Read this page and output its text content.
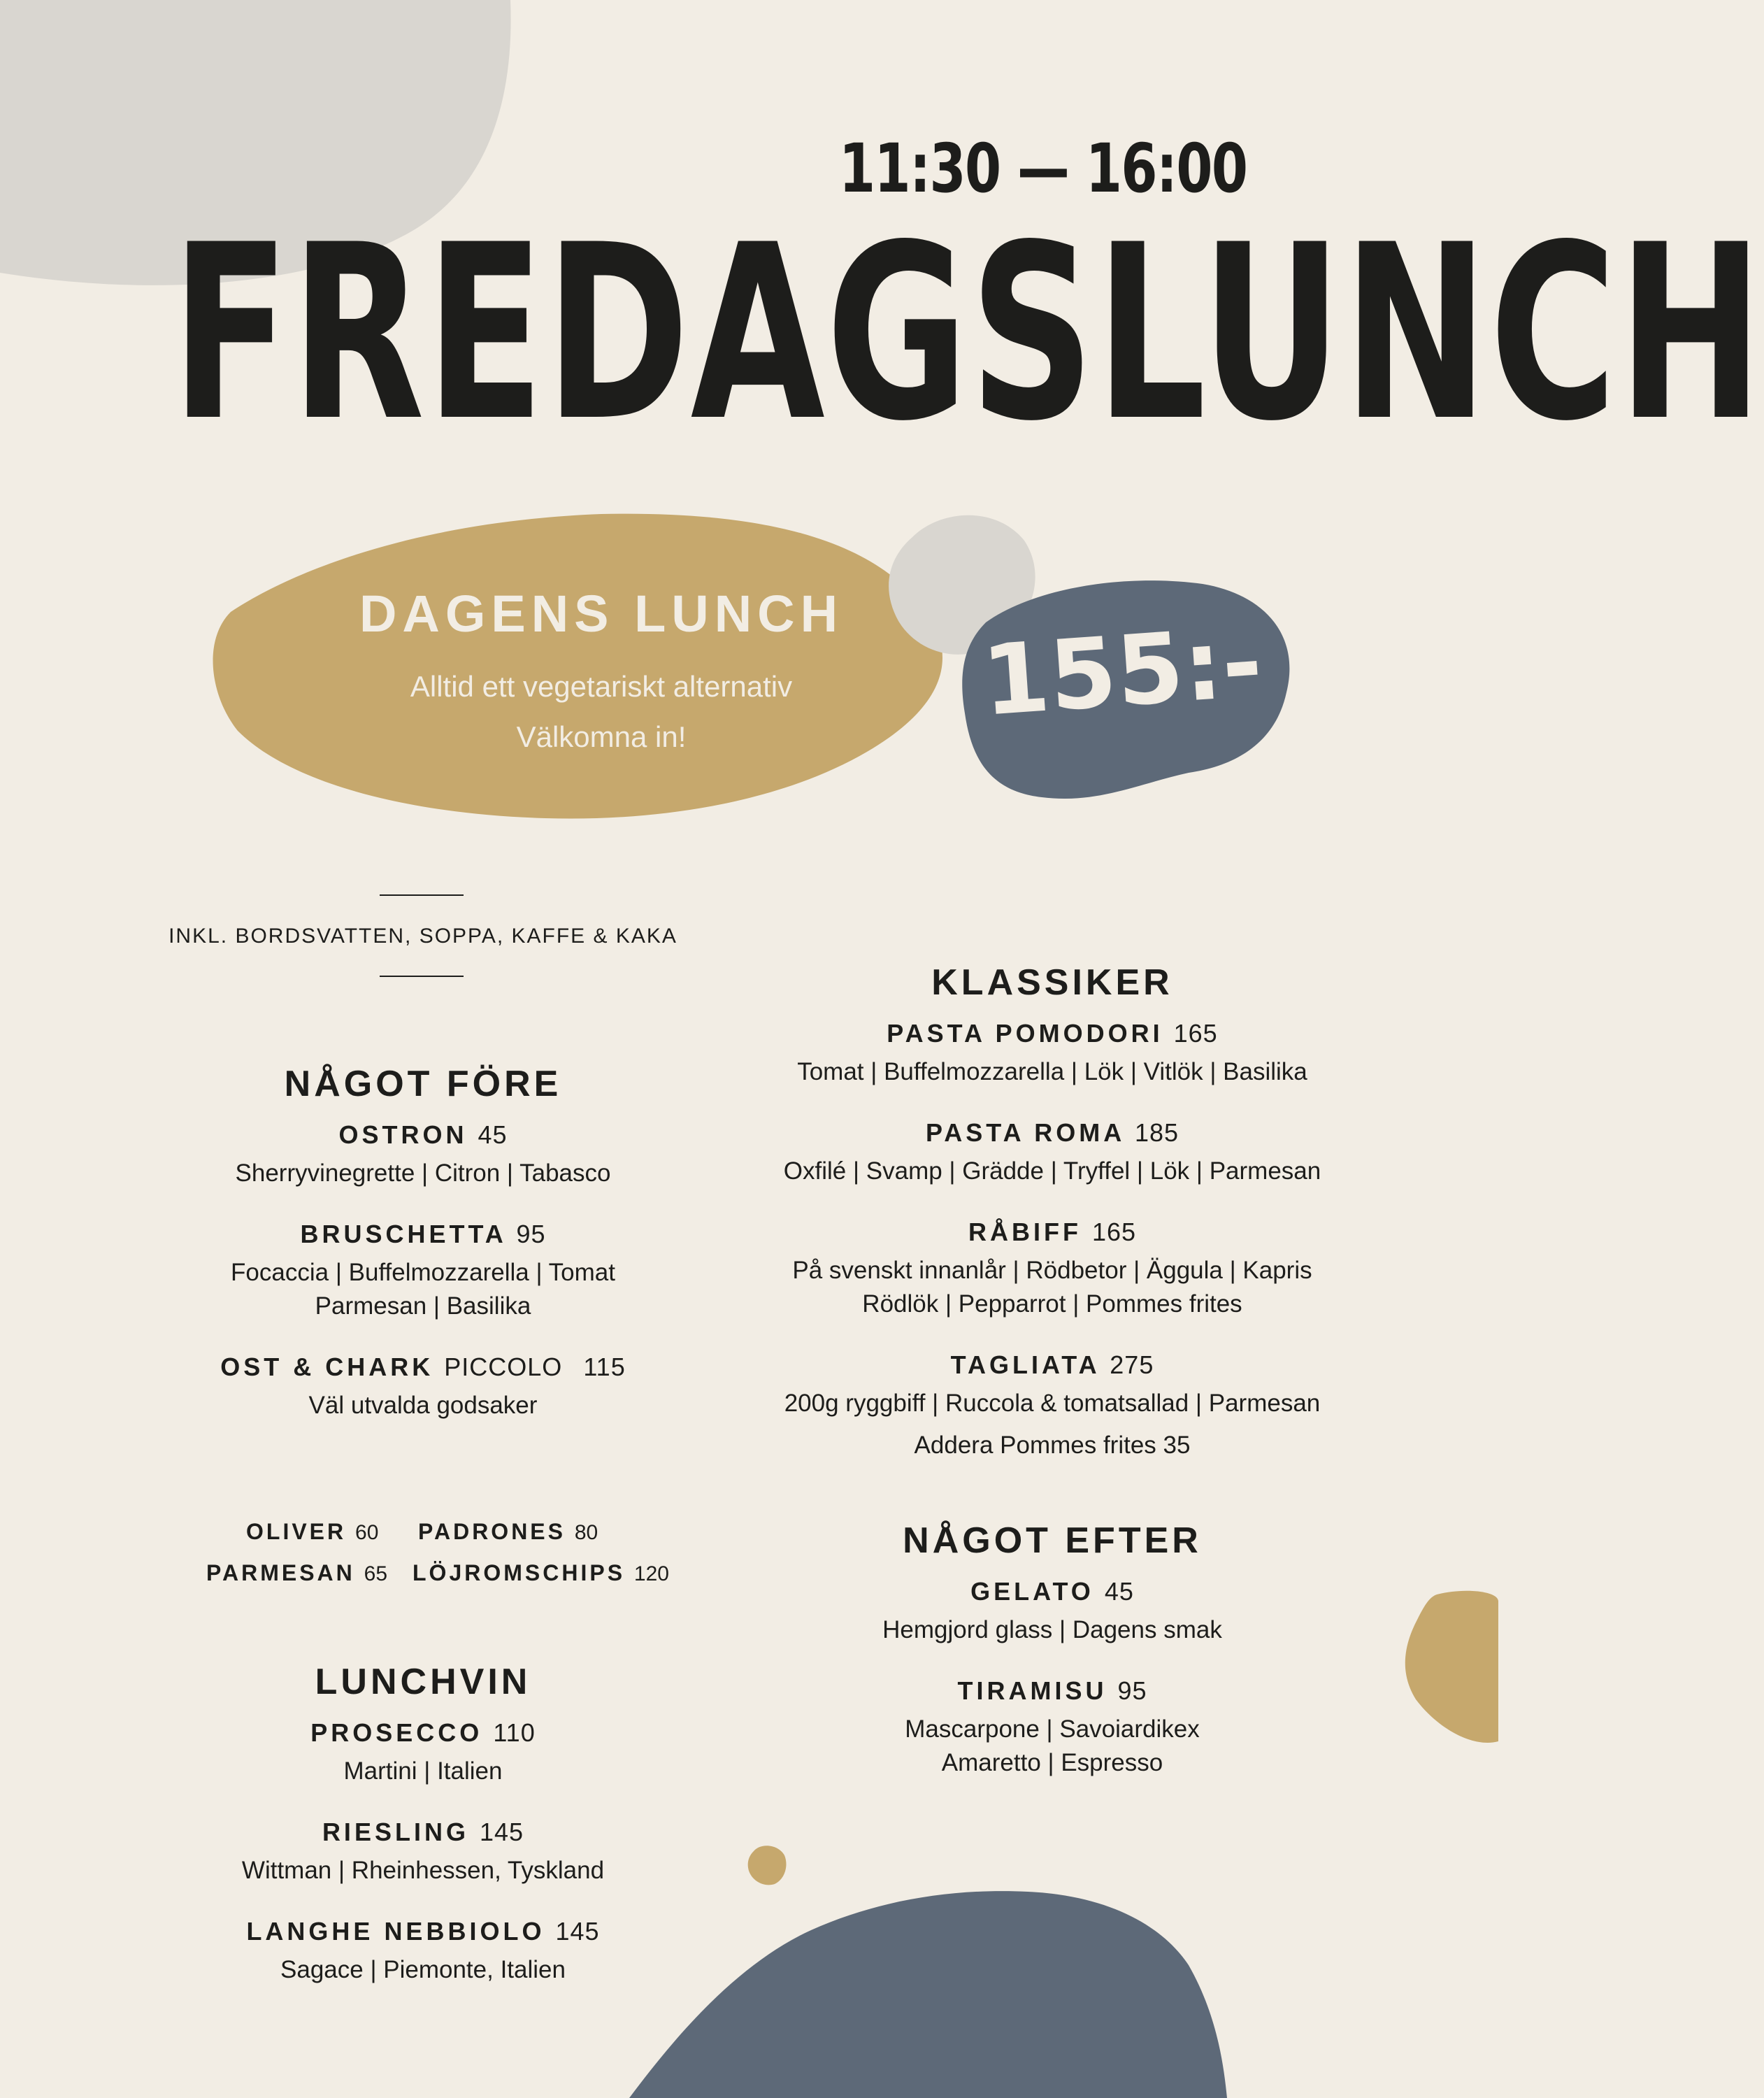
11:30 — 16:00
FREDAGSLUNCH
DAGENS LUNCH
Alltid ett vegetariskt alternativ
Välkomna in!	155:-
INKL. BORDSVATTEN, SOPPA, KAFFE & KAKA

NÅGOT FÖRE

OSTRON 45

Sherryvinegrette | Citron | Tabasco

BRUSCHETTA 95

Focaccia | Buffelmozzarella | Tomat

Parmesan | Basilika

OST & CHARK PICCOLO 115

Väl utvalda godsaker

OLIVER 60 PADRONES 80
PARMESAN 65 LÖJROMSCHIPS 120

LUNCHVIN

PROSECCO 110

Martini | Italien

RIESLING 145

Wittman | Rheinhessen, Tyskland

LANGHE NEBBIOLO 145

Sagace | Piemonte, Italien

KLASSIKER

PASTA POMODORI 165

Tomat | Buffelmozzarella | Lök | Vitlök | Basilika

PASTA ROMA 185

Oxfilé | Svamp | Grädde | Tryffel | Lök | Parmesan

RÅBIFF 165

På svenskt innanlår | Rödbetor | Äggula | Kapris

Rödlök | Pepparrot | Pommes frites

TAGLIATA 275

200g ryggbiff | Ruccola & tomatsallad | Parmesan

Addera Pommes frites 35

NÅGOT EFTER

GELATO 45

Hemgjord glass | Dagens smak

TIRAMISU 95

Mascarpone | Savoiardikex

Amaretto | Espresso
